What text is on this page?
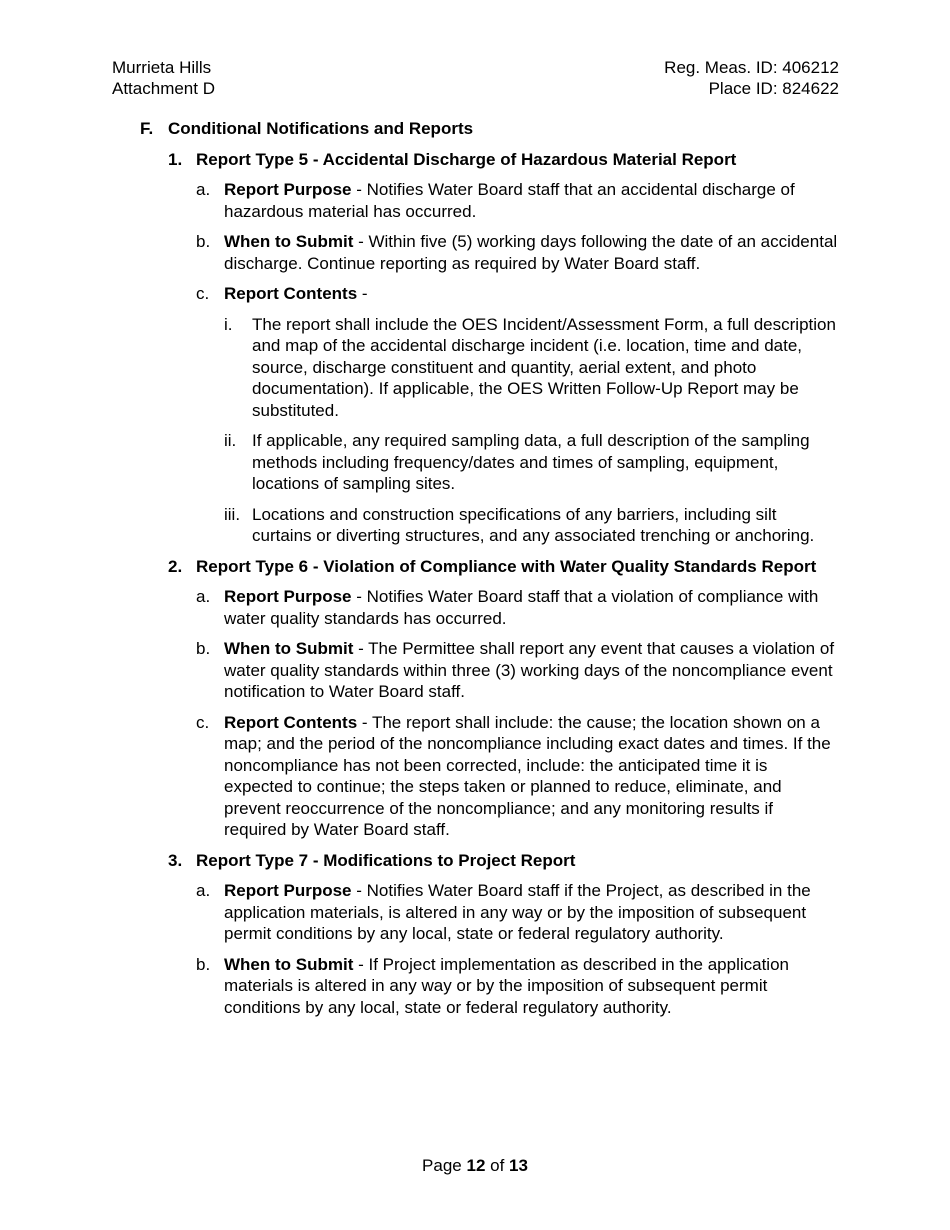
Murrieta Hills	Reg. Meas. ID: 406212
Attachment D	Place ID: 824622
F. Conditional Notifications and Reports
1. Report Type 5 - Accidental Discharge of Hazardous Material Report
a. Report Purpose - Notifies Water Board staff that an accidental discharge of hazardous material has occurred.
b. When to Submit - Within five (5) working days following the date of an accidental discharge. Continue reporting as required by Water Board staff.
c. Report Contents -
i.	The report shall include the OES Incident/Assessment Form, a full description and map of the accidental discharge incident (i.e. location, time and date, source, discharge constituent and quantity, aerial extent, and photo documentation). If applicable, the OES Written Follow-Up Report may be substituted.
ii. If applicable, any required sampling data, a full description of the sampling methods including frequency/dates and times of sampling, equipment, locations of sampling sites.
iii. Locations and construction specifications of any barriers, including silt curtains or diverting structures, and any associated trenching or anchoring.
2. Report Type 6 - Violation of Compliance with Water Quality Standards Report
a. Report Purpose - Notifies Water Board staff that a violation of compliance with water quality standards has occurred.
b. When to Submit - The Permittee shall report any event that causes a violation of water quality standards within three (3) working days of the noncompliance event notification to Water Board staff.
c. Report Contents - The report shall include: the cause; the location shown on a map; and the period of the noncompliance including exact dates and times. If the noncompliance has not been corrected, include: the anticipated time it is expected to continue; the steps taken or planned to reduce, eliminate, and prevent reoccurrence of the noncompliance; and any monitoring results if required by Water Board staff.
3. Report Type 7 - Modifications to Project Report
a. Report Purpose - Notifies Water Board staff if the Project, as described in the application materials, is altered in any way or by the imposition of subsequent permit conditions by any local, state or federal regulatory authority.
b. When to Submit - If Project implementation as described in the application materials is altered in any way or by the imposition of subsequent permit conditions by any local, state or federal regulatory authority.
Page 12 of 13
